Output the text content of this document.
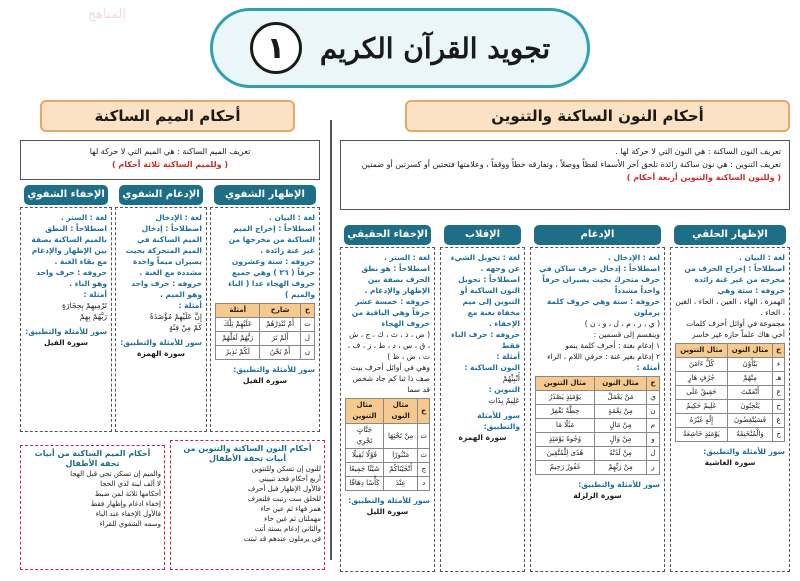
المناهج
تجويد القرآن الكريم
١
أحكام النون الساكنة والتنوين
تعريف النون الساكنة : هي النون التي لا حركة لها .
تعريف التنوين : هي نون ساكنة زائدة تلحق آخر الأسماء لفظاً ووصلاً ، وتفارقه خطاً ووقفاً ، وعلامتها فتحتين أو كسرتين أو ضمتين
( وللنون الساكنة والتنوين أربعة أحكام )
الإظهار الحلقي
لغة : البيان .
اصطلاحاً : إخراج الحرف من مخرجه من غير غنة زائدة
حروفه : ستة وهي
الهمزة ، الهاء ، العين ، الحاء ، الغين ، الخاء .
مجموعة في أوائل أحرف كلمات
أخي هاك علماً حازه غير خاسر
ح	مثال النون	مثال التنوين
ء	يَنْأَوْنَ	كُلٌّ ءَامَنَ
هـ	مِنْهُمْ	جُرُفٍ هَارٍ
ع	أَنْعَمْتَ	حَقِيقٌ عَلَى
ح	يَنْحِتُونَ	عَلِيمٌ حَكِيمٌ
غ	فَسَيُنْغِضُونَ	إِلَٰهٍ غَيْرُهُ
خ	وَالْمُنْخَنِقَةُ	يَوْمَئِذٍ خَاشِعَةٌ
سور للأمثلة والتطبيق:
سورة الغاشية
الإدغام
لغة : الإدخال .
اصطلاحاً : إدخال حرف ساكن في حرف متحرك بحيث يصيران حرفاً واحداً مشدداً
حروفه : ستة وهي حروف كلمة يرملون
( ي ، ر ، م ، ل ، و ، ن )
وينقسم إلى قسمين :
١ إدغام بغنة : أحرف كلمة ينمو
٢ إدغام بغير غنة : حرفي اللام ، الراء
أمثلة :
ح	مثال النون	مثال التنوين
ي	مَنْ يَعْمَلْ	يَوْمَئِذٍ يَصْدُرُ
ن	مِنْ نِعْمَةٍ	حِطَّةٌ نَغْفِرْ
م	مِنْ مَالٍ	مَثَلًا مَا
و	مِنْ وَالٍ	وُجُوهٌ يَوْمَئِذٍ
ل	مِنْ لَدُنْهُ	هُدًى لِلْمُتَّقِينَ
ر	مِنْ رَبِّهِمْ	غَفُورٌ رَحِيمٌ
سور للأمثلة والتطبيق:
سورة الزلزلة
الإقلاب
لغة : تحويل الشيء عن وجهه .
اصطلاحاً : تحويل النون الساكنة أو التنوين إلى ميم مخفاة بغنة مع الإخفاء .
حروفه : حرف الباء فقط
أمثلة :
النون الساكنة :
أَنْبِئْهُمْ
التنوين :
عَلِيمٌ بِذَاتِ
سور للأمثلة والتطبيق:
سورة الهمزة
الإخفاء الحقيقي
لغة : الستر .
اصطلاحاً : هو نطق الحرف بصفة بين الإظهار والإدغام .
حروفه : خمسة عشر حرفاً وهي الباقية من حروف الهجاء
( ص ، ذ ، ث ، ك ، ج ، ش ، ق ، س ، د ، ط ، ز ، ف ، ت ، ض ، ظ )
وهي في أوائل أحرف بيت
صف ذا ثنا كم جاد شخص قد سما
ح	مثال النون	مثال التنوين
ت	مِنْ تَحْتِهَا	جَنَّاتٍ تَجْرِي
ث	مَنْثُورًا	قَوْلًا ثَقِيلًا
ج	أَنْجَيْنَاكُمْ	شَيْئًا جَمِيعًا
د	عِنْدَ	كَأْسًا دِهَاقًا
سور للأمثلة والتطبيق:
سورة الليل
أحكام الميم الساكنة
تعريف الميم الساكنة : هي الميم التي لا حركة لها
( وللميم الساكنة ثلاثة أحكام )
الإظهار الشفوي
لغة : البيان .
اصطلاحاً : إخراج الميم الساكنة من مخرجها من غير غنة زائدة .
حروفه : ستة وعشرون حرفاً ( ٢٦ ) وهي جميع حروف الهجاء عدا ( الباء والميم )
ح	شارح	أمثلة
ت	أَمْ تُنْذِرْهُمْ	عَلَيْهِمْ تِلْكَ
ل	أَلَمْ تَرَ	رَبُّهُمْ لَعَلَّهُمْ
ن	أَمْ نَحْنُ	لَكُمْ نَذِيرٌ
سور للأمثلة والتطبيق:
سورة الفيل
الإدغام الشفوي
لغة : الإدخال
اصطلاحاً : إدخال الميم الساكنة في الميم المتحركة بحيث يصيران ميماً واحدة مشددة مع الغنة .
حروفه : حرف واحد وهو الميم .
أمثلة :
إِنَّ عَلَيْهِمْ مُؤْصَدَةٌ
كَمْ مِنْ فِئَةٍ
سور للأمثلة والتطبيق:
سورة الهمزة
الإخفاء الشفوي
لغة : الستر .
اصطلاحاً : النطق بالميم الساكنة بصفة بين الإظهار والإدغام مع بقاء الغنة .
حروفه : حرف واحد وهو الباء .
أمثلة :
تَرْمِيهِمْ بِحِجَارَةٍ
رَبَّهُمْ بِهِمْ
سور للأمثلة والتطبيق:
سورة الفيل
أحكام الميم الساكنة من أبيات تحفة الأطفال
والميم إن تسكن تجي قبل الهجا
لا ألف لينة لذي الحجا
أحكامها ثلاثة لمن ضبط
إخفاء ادغام وإظهار فقط
فالأول الإخفاء عند الباء
وسمه الشفوي للقراء
أحكام النون الساكنة والتنوين من أبيات تحفة الأطفال
للنون إن تسكن وللتنوين
أربع أحكام فخذ تبييني
فالأول الإظهار قبل أحرف
للحلق ست رتبت فلتعرف
همز فهاء ثم عين حاء
مهملتان ثم غين خاء
والثاني إدغام بستة أتت
في يرملون عندهم قد ثبتت
